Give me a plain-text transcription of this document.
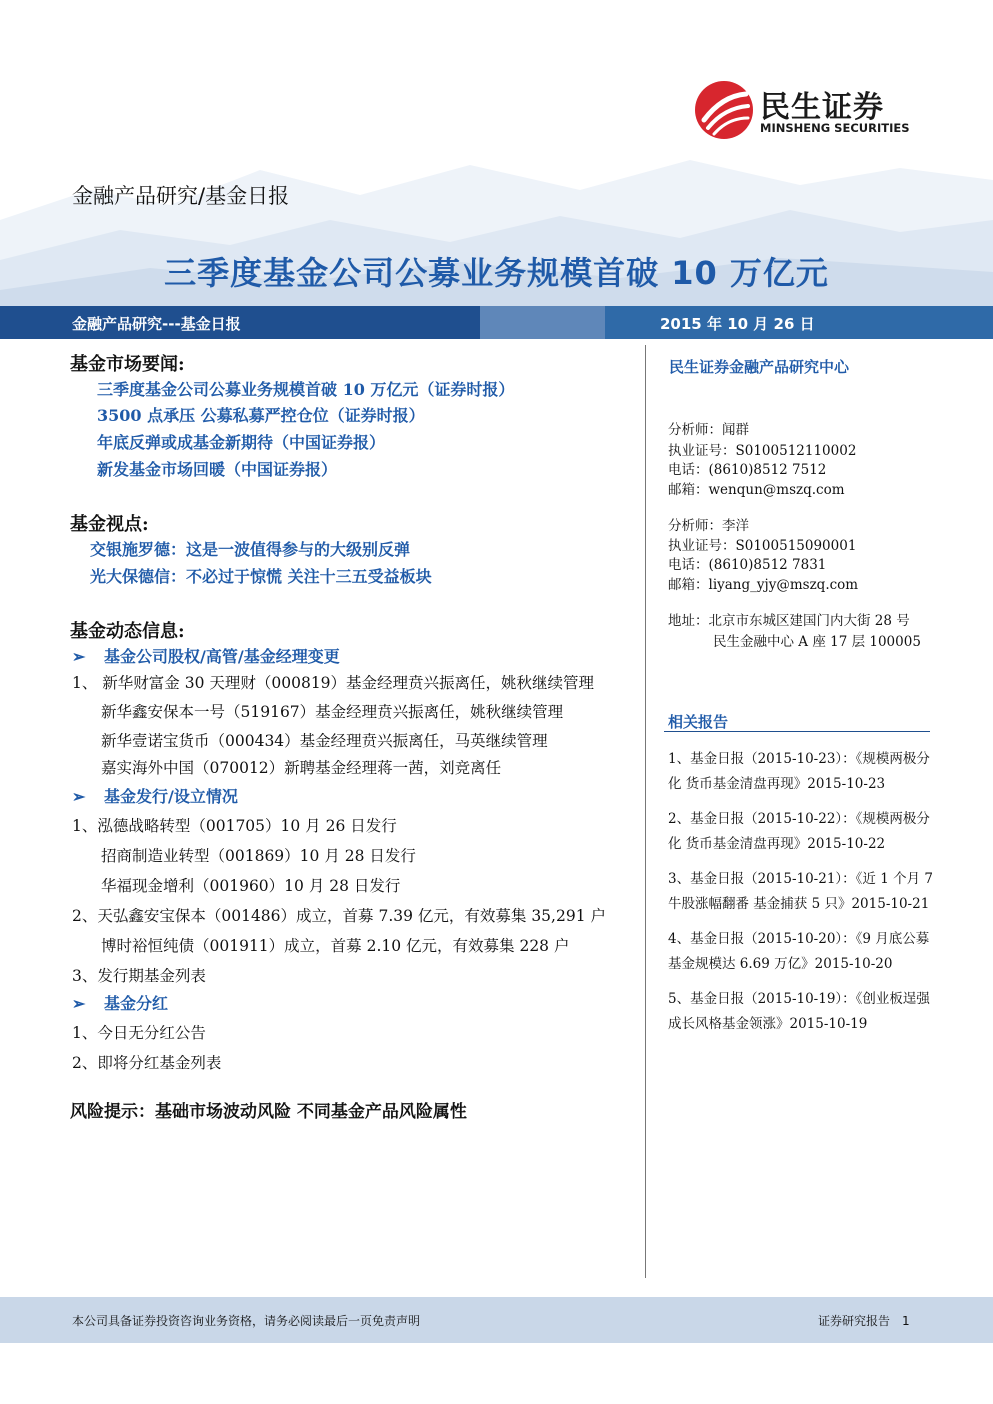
民生证券
MINSHENG SECURITIES
金融产品研究/基金日报
三季度基金公司公募业务规模首破 10 万亿元
金融产品研究---基金日报	2015 年 10 月 26 日
基金市场要闻:
三季度基金公司公募业务规模首破 10 万亿元（证券时报）
3500 点承压 公募私募严控仓位（证券时报）
年底反弹或成基金新期待（中国证券报）
新发基金市场回暖（中国证券报）
基金视点:
交银施罗德：这是一波值得参与的大级别反弹
光大保德信：不必过于惊慌 关注十三五受益板块
基金动态信息:
➢ 基金公司股权/高管/基金经理变更
1、 新华财富金 30 天理财（000819）基金经理贲兴振离任，姚秋继续管理
新华鑫安保本一号（519167）基金经理贲兴振离任，姚秋继续管理
新华壹诺宝货币（000434）基金经理贲兴振离任，马英继续管理
嘉实海外中国（070012）新聘基金经理蒋一茜，刘竞离任
➢ 基金发行/设立情况
1、泓德战略转型（001705）10 月 26 日发行
招商制造业转型（001869）10 月 28 日发行
华福现金增利（001960）10 月 28 日发行
2、天弘鑫安宝保本（001486）成立，首募 7.39 亿元，有效募集 35,291 户
博时裕恒纯债（001911）成立，首募 2.10 亿元，有效募集 228 户
3、发行期基金列表
➢ 基金分红
1、今日无分红公告
2、即将分红基金列表
风险提示：基础市场波动风险 不同基金产品风险属性
民生证券金融产品研究中心
分析师：闻群
执业证号：S0100512110002
电话：(8610)8512 7512
邮箱：wenqun@mszq.com
分析师：李洋
执业证号：S0100515090001
电话：(8610)8512 7831
邮箱：liyang_yjy@mszq.com
地址：北京市东城区建国门内大街 28 号
民生金融中心 A 座 17 层 100005
相关报告
1、基金日报（2015-10-23）：《规模两极分
化 货币基金清盘再现》2015-10-23
2、基金日报（2015-10-22）：《规模两极分
化 货币基金清盘再现》2015-10-22
3、基金日报（2015-10-21）：《近 1 个月 7
牛股涨幅翻番 基金捕获 5 只》2015-10-21
4、基金日报（2015-10-20）：《9 月底公募
基金规模达 6.69 万亿》2015-10-20
5、基金日报（2015-10-19）：《创业板逞强
成长风格基金领涨》2015-10-19
本公司具备证券投资咨询业务资格，请务必阅读最后一页免责声明	证券研究报告 1
